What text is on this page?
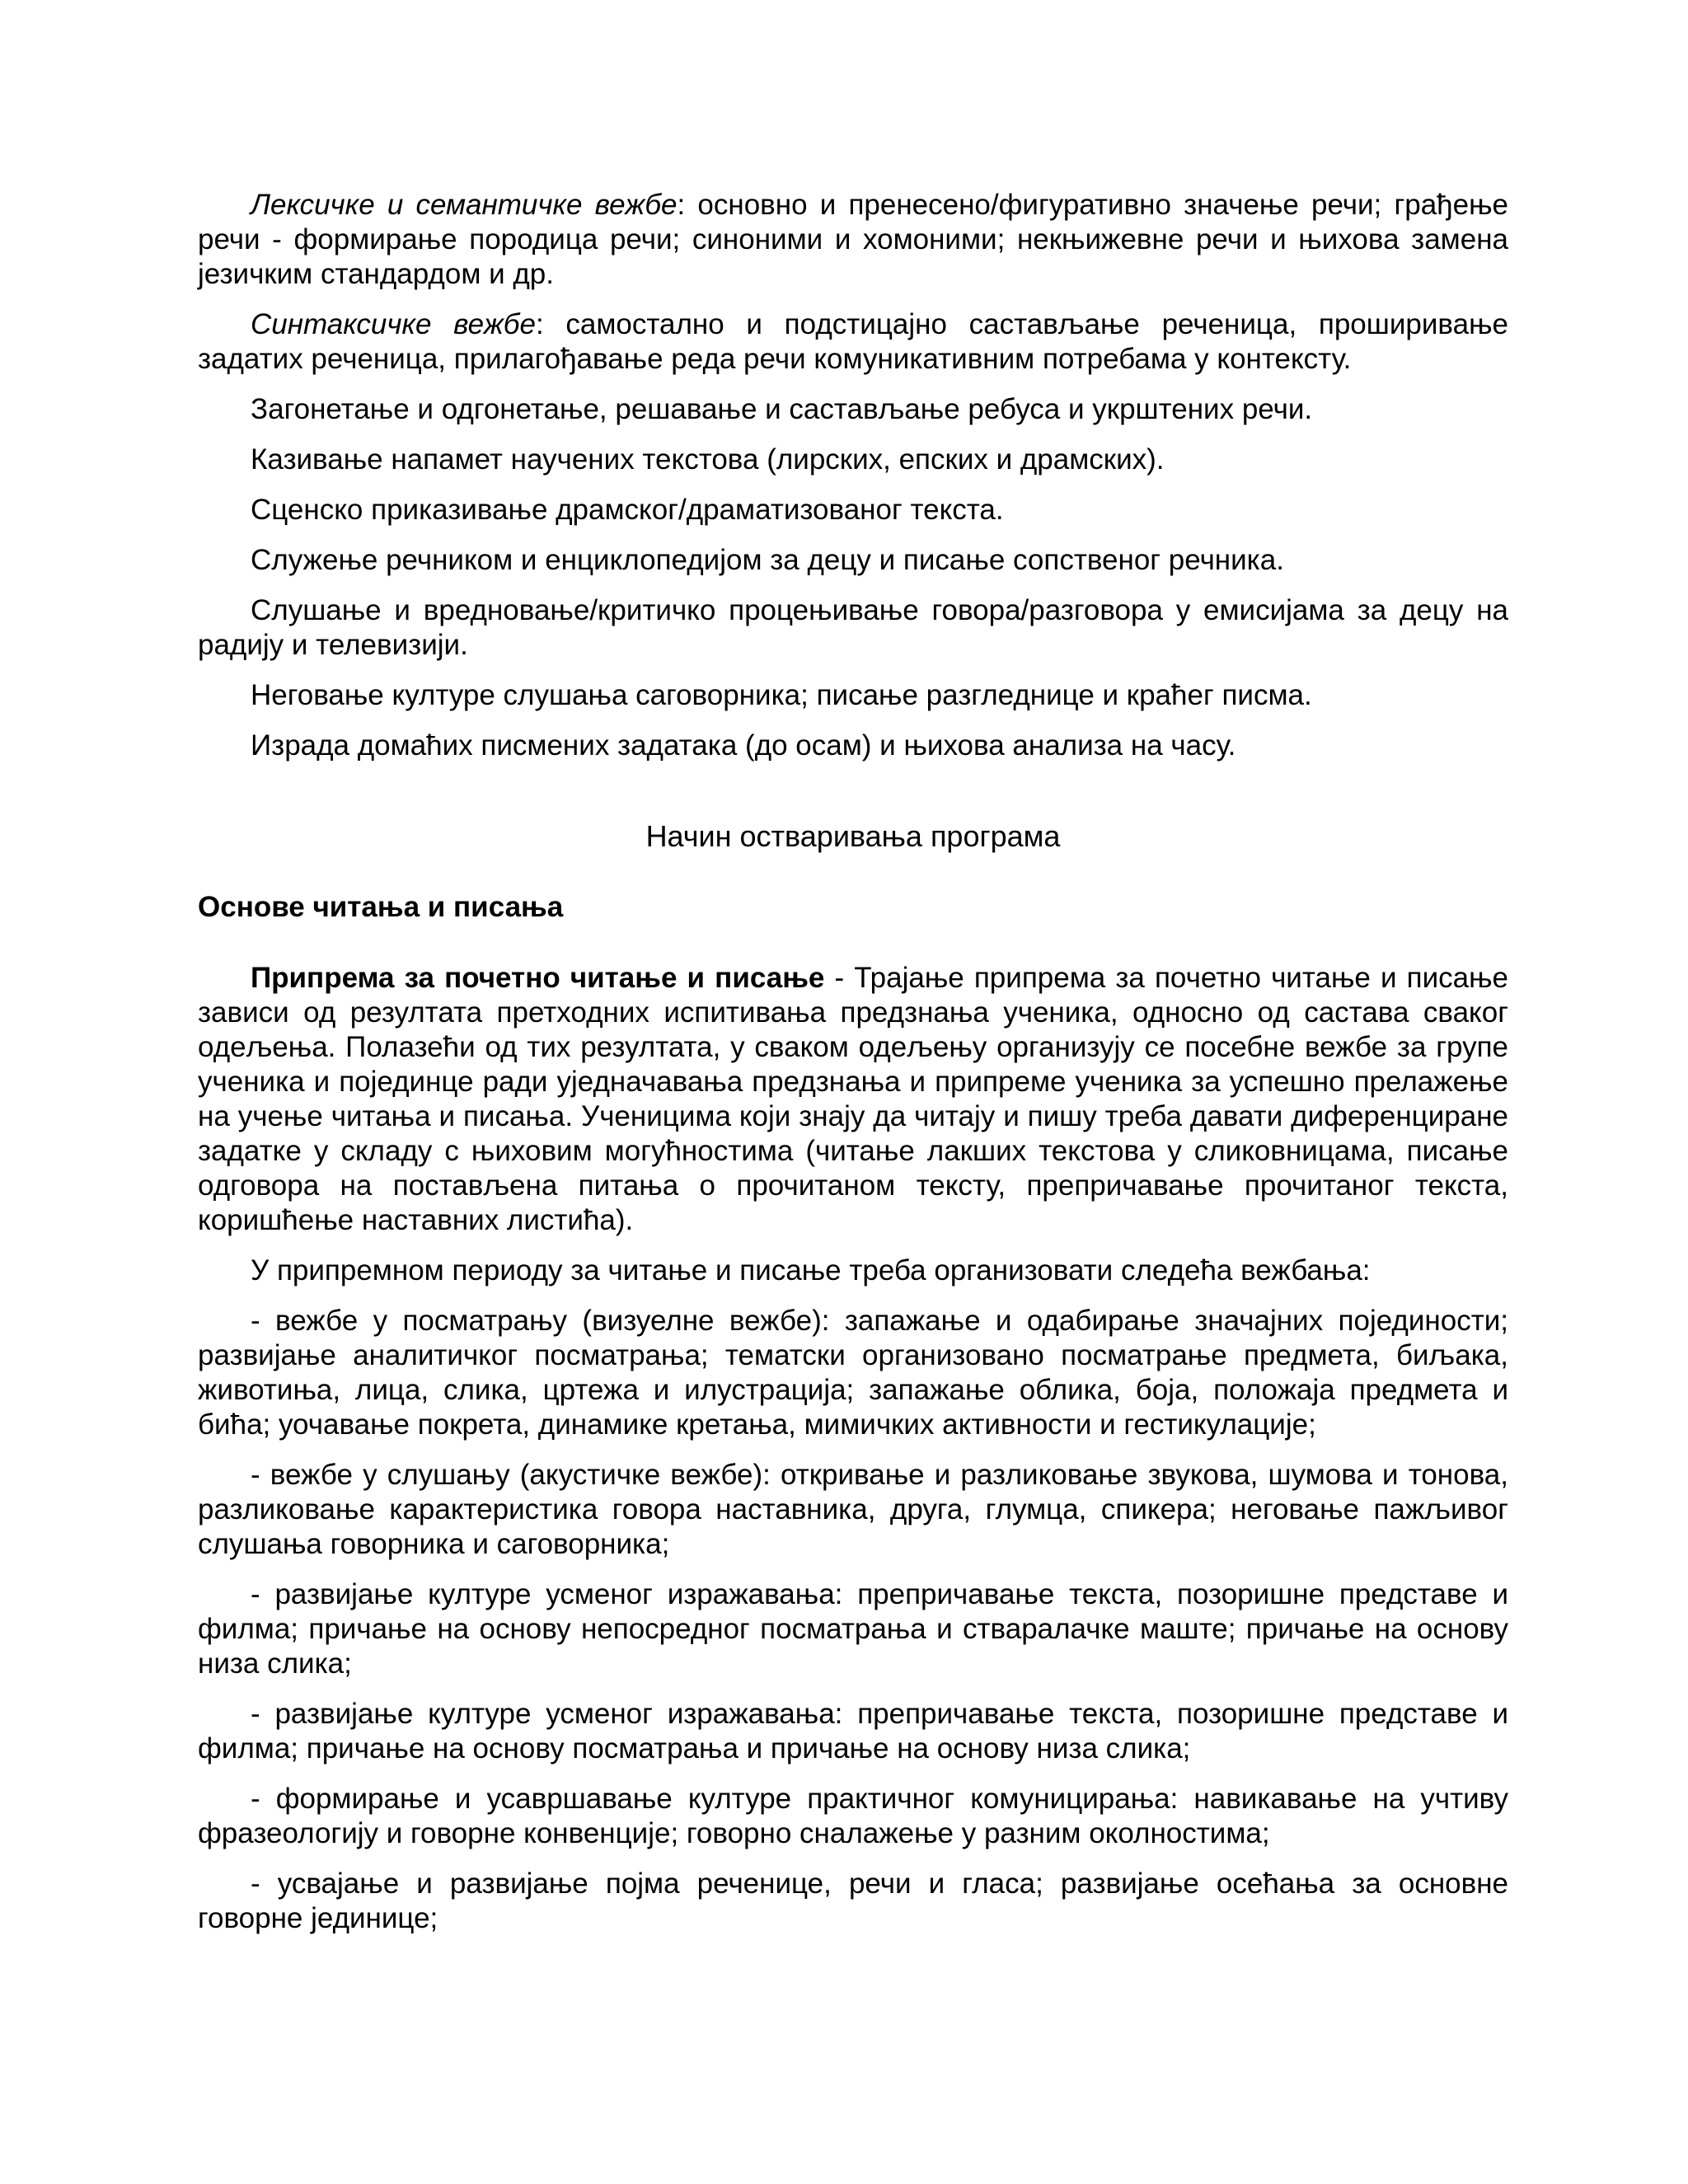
Лексичке и семантичке вежбе: основно и пренесено/фигуративно значење речи; грађење речи - формирање породица речи; синоними и хомоними; некњижевне речи и њихова замена језичким стандардом и др.

Синтаксичке вежбе: самостално и подстицајно састављање реченица, проширивање задатих реченица, прилагођавање реда речи комуникативним потребама у контексту.

Загонетање и одгонетање, решавање и састављање ребуса и укрштених речи.

Казивање напамет научених текстова (лирских, епских и драмских).

Сценско приказивање драмског/драматизованог текста.

Служење речником и енциклопедијом за децу и писање сопственог речника.

Слушање и вредновање/критичко процењивање говора/разговора у емисијама за децу на радију и телевизији.

Неговање културе слушања саговорника; писање разгледнице и краћег писма.

Израда домаћих писмених задатака (до осам) и њихова анализа на часу.

Начин остваривања програма
Основе читања и писања

Припрема за почетно читање и писање - Трајање припрема за почетно читање и писање зависи од резултата претходних испитивања предзнања ученика, односно од састава сваког одељења. Полазећи од тих резултата, у сваком одељењу организују се посебне вежбе за групе ученика и појединце ради уједначавања предзнања и припреме ученика за успешно прелажење на учење читања и писања. Ученицима који знају да читају и пишу треба давати диференциране задатке у складу с њиховим могућностима (читање лакших текстова у сликовницама, писање одговора на постављена питања о прочитаном тексту, препричавање прочитаног текста, коришћење наставних листића).

У припремном периоду за читање и писање треба организовати следећа вежбања:

- вежбе у посматрању (визуелне вежбе): запажање и одабирање значајних појединости; развијање аналитичког посматрања; тематски организовано посматрање предмета, биљака, животиња, лица, слика, цртежа и илустрација; запажање облика, боја, положаја предмета и бића; уочавање покрета, динамике кретања, мимичких активности и гестикулације;

- вежбе у слушању (акустичке вежбе): откривање и разликовање звукова, шумова и тонова, разликовање карактеристика говора наставника, друга, глумца, спикера; неговање пажљивог слушања говорника и саговорника;

- развијање културе усменог изражавања: препричавање текста, позоришне представе и филма; причање на основу непосредног посматрања и стваралачке маште; причање на основу низа слика;

- развијање културе усменог изражавања: препричавање текста, позоришне представе и филма; причање на основу посматрања и причање на основу низа слика;

- формирање и усавршавање културе практичног комуницирања: навикавање на учтиву фразеологију и говорне конвенције; говорно сналажење у разним околностима;

- усвајање и развијање појма реченице, речи и гласа; развијање осећања за основне говорне јединице;
